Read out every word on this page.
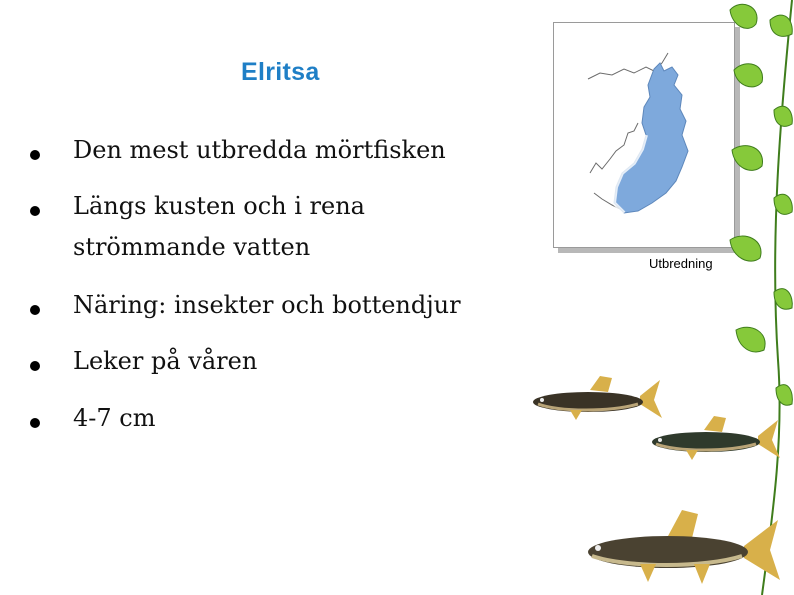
Elritsa
Den mest utbredda mörtfisken
Längs kusten och i rena
strömmande vatten
Näring: insekter och bottendjur
Leker på våren
4-7 cm
Utbredning
